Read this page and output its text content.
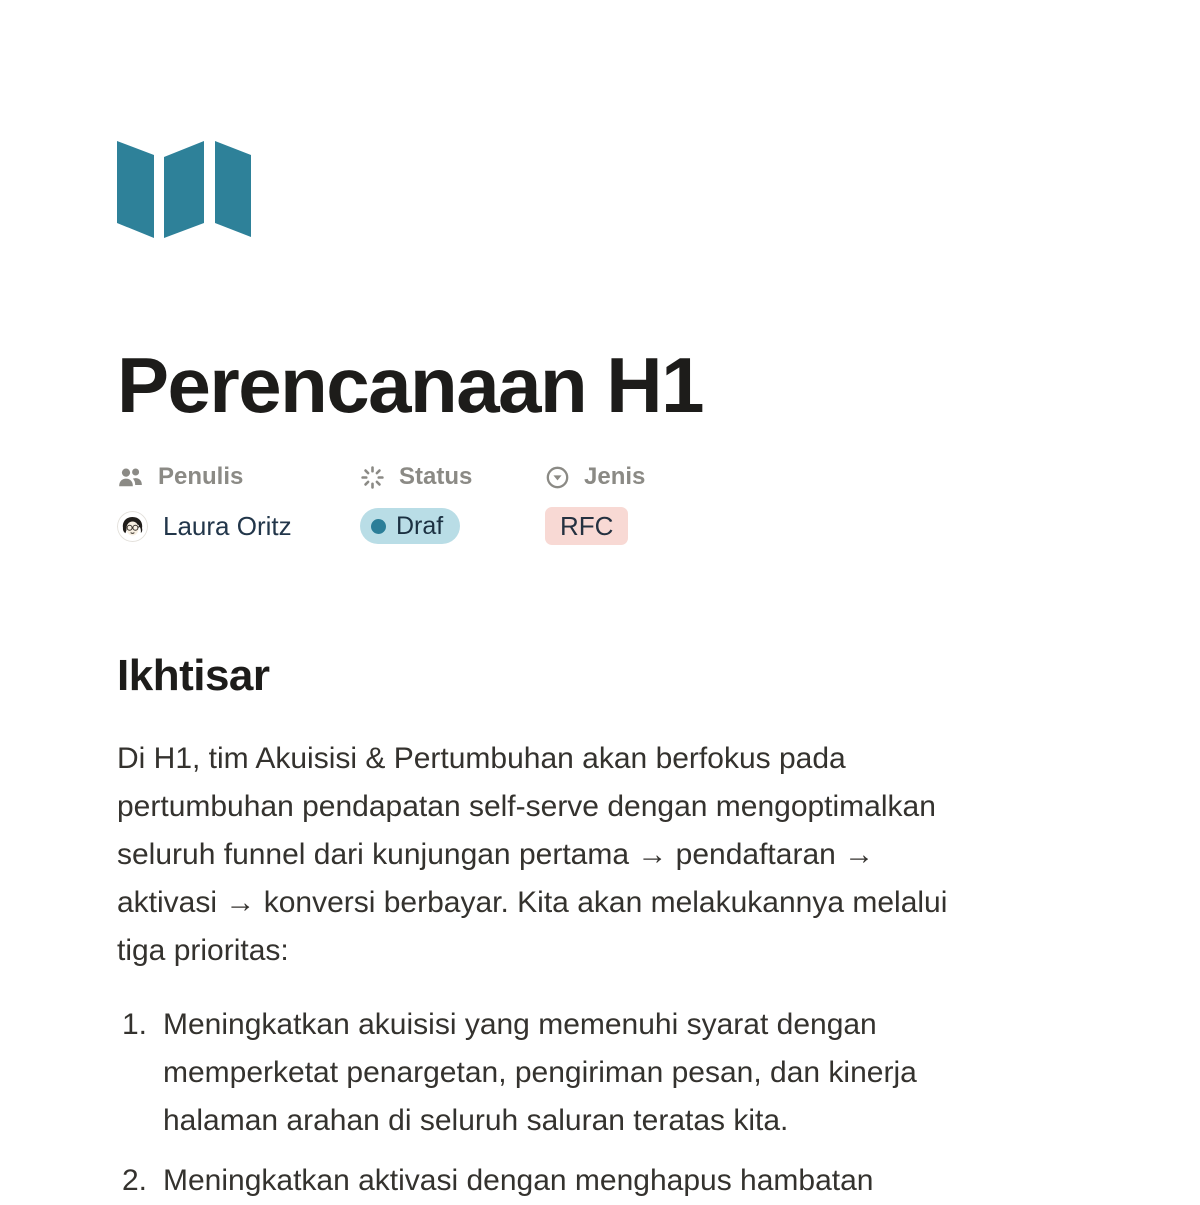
Perencanaan H1
Penulis	Status	Jenis
Laura Oritz	Draf	RFC
Ikhtisar

Di H1, tim Akuisisi & Pertumbuhan akan berfokus pada pertumbuhan pendapatan self-serve dengan mengoptimalkan seluruh funnel dari kunjungan pertama → pendaftaran → aktivasi → konversi berbayar. Kita akan melakukannya melalui tiga prioritas:

1. Meningkatkan akuisisi yang memenuhi syarat dengan memperketat penargetan, pengiriman pesan, dan kinerja halaman arahan di seluruh saluran teratas kita.
2. Meningkatkan aktivasi dengan menghapus hambatan
